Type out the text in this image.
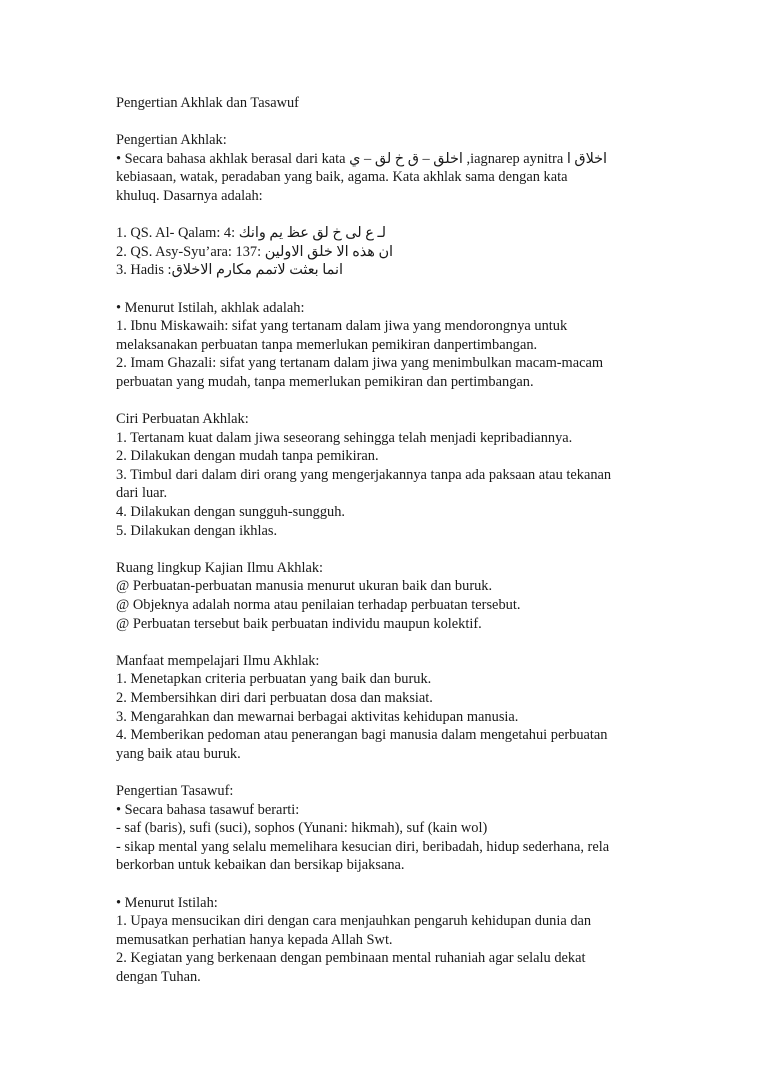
Pengertian Akhlak dan Tasawuf
Pengertian Akhlak:
• Secara bahasa akhlak berasal dari kata اخلق – ق خ لق – ي ,iagnarep aynitra اخلاق ا
kebiasaan, watak, peradaban yang baik, agama. Kata akhlak sama dengan kata
khuluq. Dasarnya adalah:
1. QS. Al- Qalam: 4: لـ ع لى خ لق عظ يم وانك
2. QS. Asy-Syu’ara: 137: ان هذه الا خلق الاولين
3. Hadis :انما بعثت لاتمم مكارم الاخلاق
• Menurut Istilah, akhlak adalah:
1. Ibnu Miskawaih: sifat yang tertanam dalam jiwa yang mendorongnya untuk
melaksanakan perbuatan tanpa memerlukan pemikiran danpertimbangan.
2. Imam Ghazali: sifat yang tertanam dalam jiwa yang menimbulkan macam-macam
perbuatan yang mudah, tanpa memerlukan pemikiran dan pertimbangan.
Ciri Perbuatan Akhlak:
1. Tertanam kuat dalam jiwa seseorang sehingga telah menjadi kepribadiannya.
2. Dilakukan dengan mudah tanpa pemikiran.
3. Timbul dari dalam diri orang yang mengerjakannya tanpa ada paksaan atau tekanan
dari luar.
4. Dilakukan dengan sungguh-sungguh.
5. Dilakukan dengan ikhlas.
Ruang lingkup Kajian Ilmu Akhlak:
@ Perbuatan-perbuatan manusia menurut ukuran baik dan buruk.
@ Objeknya adalah norma atau penilaian terhadap perbuatan tersebut.
@ Perbuatan tersebut baik perbuatan individu maupun kolektif.
Manfaat mempelajari Ilmu Akhlak:
1. Menetapkan criteria perbuatan yang baik dan buruk.
2. Membersihkan diri dari perbuatan dosa dan maksiat.
3. Mengarahkan dan mewarnai berbagai aktivitas kehidupan manusia.
4. Memberikan pedoman atau penerangan bagi manusia dalam mengetahui perbuatan
yang baik atau buruk.
Pengertian Tasawuf:
• Secara bahasa tasawuf berarti:
- saf (baris), sufi (suci), sophos (Yunani: hikmah), suf (kain wol)
- sikap mental yang selalu memelihara kesucian diri, beribadah, hidup sederhana, rela
berkorban untuk kebaikan dan bersikap bijaksana.
• Menurut Istilah:
1. Upaya mensucikan diri dengan cara menjauhkan pengaruh kehidupan dunia dan
memusatkan perhatian hanya kepada Allah Swt.
2. Kegiatan yang berkenaan dengan pembinaan mental ruhaniah agar selalu dekat
dengan Tuhan.
